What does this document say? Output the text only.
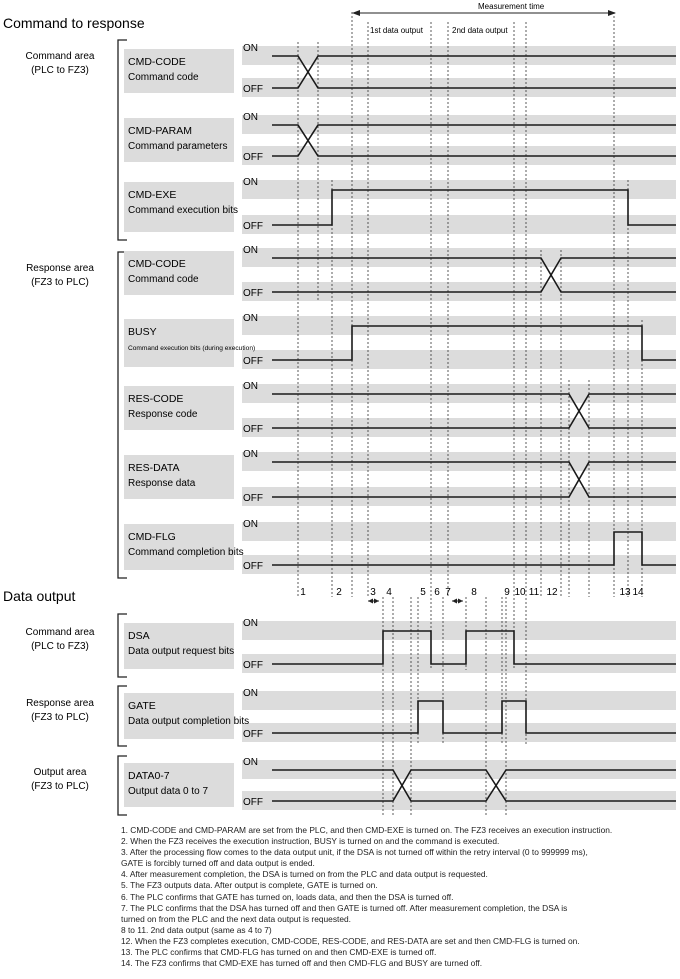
Command to response
Data output
Measurement time
1st data output	2nd data output
Command area (PLC to FZ3)
Response area (FZ3 to PLC)
Command area (PLC to FZ3)
Response area (FZ3 to PLC)
Output area (FZ3 to PLC)
CMD-CODE
Command code
ON
OFF
CMD-PARAM
Command parameters
ON
OFF
CMD-EXE
Command execution bits
ON
OFF
CMD-CODE
Command code
ON
OFF
BUSY
Command execution bits (during execution)
ON
OFF
RES-CODE
Response code
ON
OFF
RES-DATA
Response data
ON
OFF
CMD-FLG
Command completion bits
ON
OFF
DSA
Data output request bits
ON
OFF
GATE
Data output completion bits
ON
OFF
DATA0-7
Output data 0 to 7
ON
OFF
1	2	3 4	5 6 7 8	9 10 11 12	13 14
1. CMD-CODE and CMD-PARAM are set from the PLC, and then CMD-EXE is turned on. The FZ3 receives an execution instruction.
2. When the FZ3 receives the execution instruction, BUSY is turned on and the command is executed.
3. After the processing flow comes to the data output unit, if the DSA is not turned off within the retry interval (0 to 999999 ms),
GATE is forcibly turned off and data output is ended.
4. After measurement completion, the DSA is turned on from the PLC and data output is requested.
5. The FZ3 outputs data. After output is complete, GATE is turned on.
6. The PLC confirms that GATE has turned on, loads data, and then the DSA is turned off.
7. The PLC confirms that the DSA has turned off and then GATE is turned off. After measurement completion, the DSA is
turned on from the PLC and the next data output is requested.
8 to 11. 2nd data output (same as 4 to 7)
12. When the FZ3 completes execution, CMD-CODE, RES-CODE, and RES-DATA are set and then CMD-FLG is turned on.
13. The PLC confirms that CMD-FLG has turned on and then CMD-EXE is turned off.
14. The FZ3 confirms that CMD-EXE has turned off and then CMD-FLG and BUSY are turned off.
